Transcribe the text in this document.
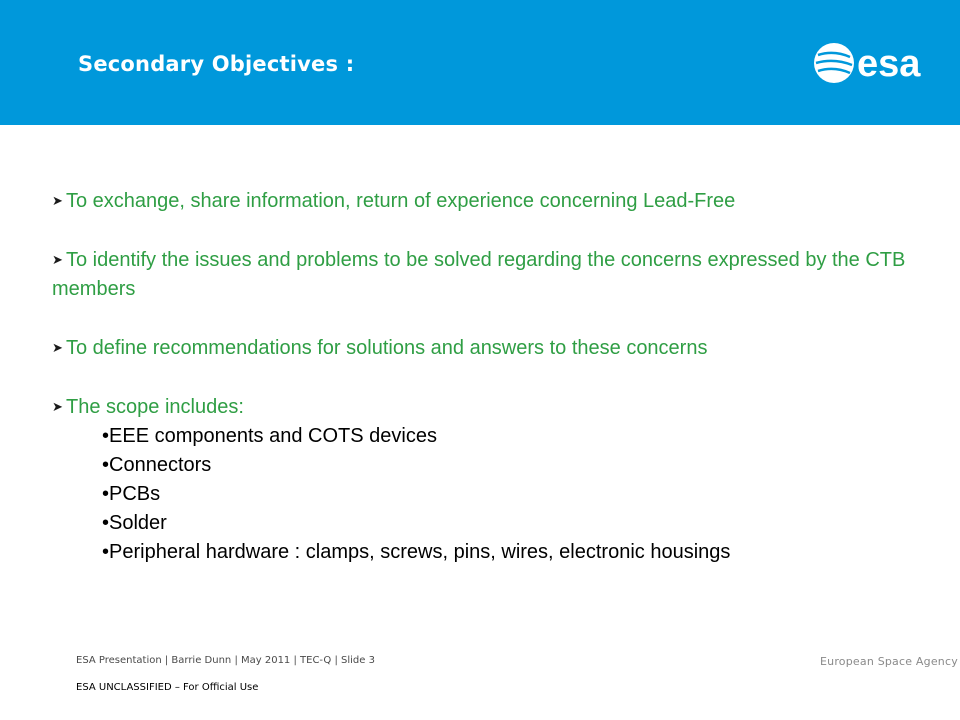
Secondary Objectives :	esa
➤ To exchange, share information, return of experience concerning Lead-Free
➤ To identify the issues and problems to be solved regarding the concerns expressed by the CTB members
➤ To define recommendations for solutions and answers to these concerns
➤ The scope includes:
•EEE components and COTS devices
•Connectors
•PCBs
•Solder
•Peripheral hardware : clamps, screws, pins, wires, electronic housings
ESA Presentation | Barrie Dunn | May 2011 | TEC-Q | Slide 3
ESA UNCLASSIFIED – For Official Use
European Space Agency
